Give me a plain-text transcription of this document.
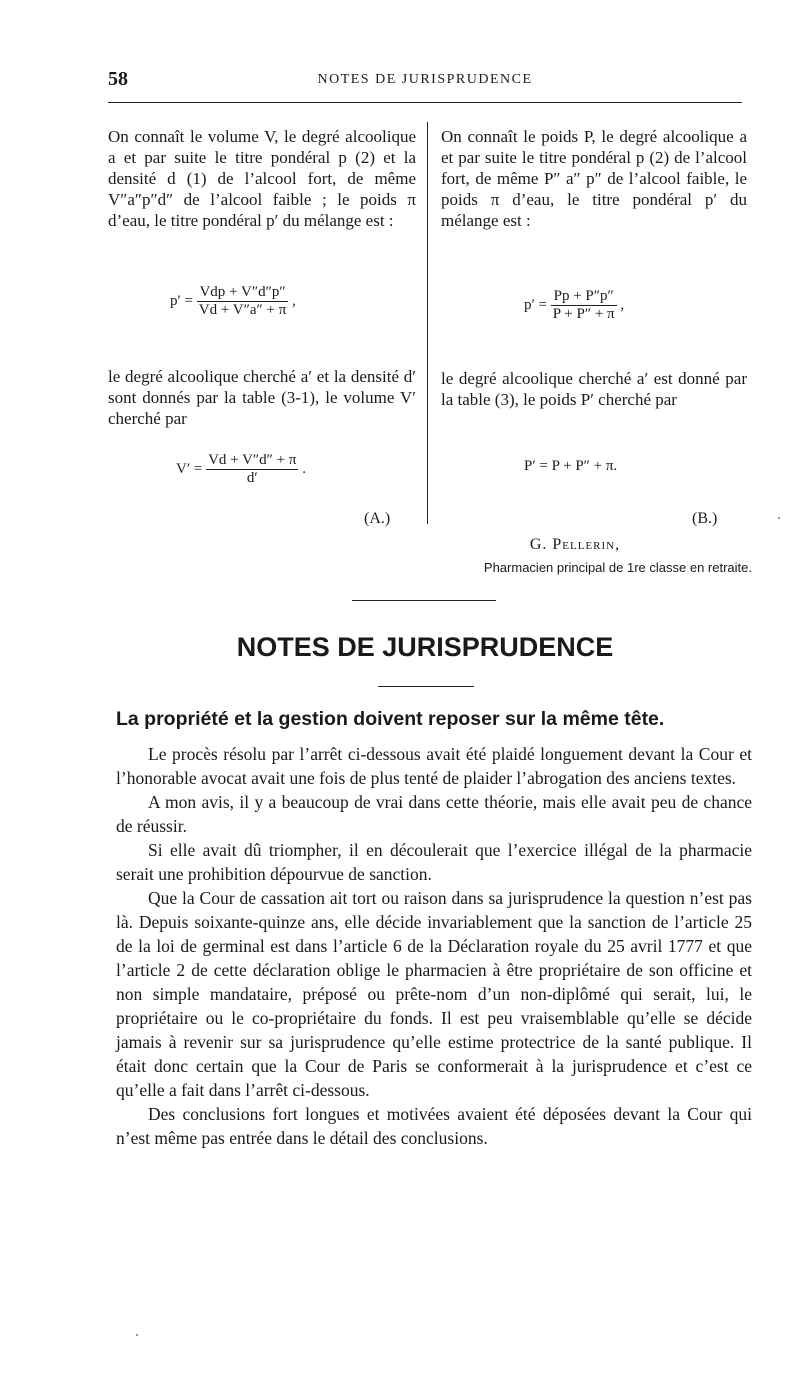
58	NOTES DE JURISPRUDENCE

On connaît le volume V, le degré alcoolique a et par suite le titre pondéral p (2) et la densité d (1) de l’alcool fort, de même V″a″p″d″ de l’alcool faible ; le poids π d’eau, le titre pondéral p′ du mélange est :

$p' = \frac{\text{Vdp + V″d″p″}}{Vd + V''a'' + \pi}$ ,

le degré alcoolique cherché a′ et la densité d′ sont donnés par la table (3-1), le volume V′ cherché par

$V' = \frac{Vd + V''d'' + \pi}{d'}$ .
(A.)

On connaît le poids P, le degré alcoolique a et par suite le titre pondéral p (2) de l’alcool fort, de même P″ a″ p″ de l’alcool faible, le poids π d’eau, le titre pondéral p′ du mélange est :

$p' = \frac{Pp + P''p''}{P + P'' + \pi}$ ,

le degré alcoolique cherché a′ est donné par la table (3), le poids P′ cherché par

P′ = P + P″ + π.
(B.)
G. Pellerin,
Pharmacien principal de 1re classe en retraite.
NOTES DE JURISPRUDENCE
La propriété et la gestion doivent reposer sur la même tête.

Le procès résolu par l’arrêt ci-dessous avait été plaidé longuement devant la Cour et l’honorable avocat avait une fois de plus tenté de plaider l’abrogation des anciens textes.

A mon avis, il y a beaucoup de vrai dans cette théorie, mais elle avait peu de chance de réussir.

Si elle avait dû triompher, il en découlerait que l’exercice illégal de la pharmacie serait une prohibition dépourvue de sanction.

Que la Cour de cassation ait tort ou raison dans sa jurisprudence la question n’est pas là. Depuis soixante-quinze ans, elle décide invariablement que la sanction de l’article 25 de la loi de germinal est dans l’article 6 de la Déclaration royale du 25 avril 1777 et que l’article 2 de cette déclaration oblige le pharmacien à être propriétaire de son officine et non simple mandataire, préposé ou prête-nom d’un non-diplômé qui serait, lui, le propriétaire ou le co-propriétaire du fonds. Il est peu vraisemblable qu’elle se décide jamais à revenir sur sa jurisprudence qu’elle estime protectrice de la santé publique. Il était donc certain que la Cour de Paris se conformerait à la jurisprudence et c’est ce qu’elle a fait dans l’arrêt ci-dessous.

Des conclusions fort longues et motivées avaient été déposées devant la Cour qui n’est même pas entrée dans le détail des conclusions.
